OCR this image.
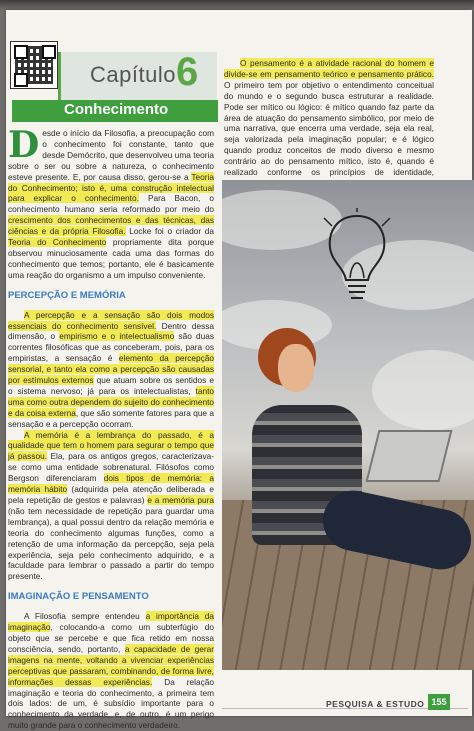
Capítulo 6
Conhecimento

Desde o início da Filosofia, a preocupação com o conhecimento foi constante, tanto que desde Demócrito, que desenvolveu uma teoria sobre o ser ou sobre a natureza, o conhecimento esteve presente. E, por causa disso, gerou-se a Teoria do Conhecimento; isto é, uma construção intelectual para explicar o conhecimento. Para Bacon, o conhecimento humano seria reformado por meio do crescimento dos conhecimentos e das técnicas, das ciências e da própria Filosofia. Locke foi o criador da Teoria do Conhecimento propriamente dita porque observou minuciosamente cada uma das formas do conhecimento que temos; portanto, ele é basicamente uma reação do organismo a um impulso conveniente.

PERCEPÇÃO E MEMÓRIA

A percepção e a sensação são dois modos essenciais do conhecimento sensível. Dentro dessa dimensão, o empirismo e o intelectualismo são duas correntes filosóficas que as conceberam, pois, para os empiristas, a sensação é elemento da percepção sensorial, e tanto ela como a percepção são causadas por estímulos externos que atuam sobre os sentidos e o sistema nervoso; já para os intelectualistas, tanto uma como outra dependem do sujeito do conhecimento e da coisa externa, que são somente fatores para que a sensação e a percepção ocorram.

A memória é a lembrança do passado, é a qualidade que tem o homem para segurar o tempo que já passou. Ela, para os antigos gregos, caracterizava-se como uma entidade sobrenatural. Filósofos como Bergson diferenciaram dois tipos de memória: a memória hábito (adquirida pela atenção deliberada e pela repetição de gestos e palavras) e a memória pura (não tem necessidade de repetição para guardar uma lembrança), a qual possui dentro da relação memória e teoria do conhecimento algumas funções, como a retenção de uma informação da percepção, seja pela experiência, seja pelo conhecimento adquirido, e a faculdade para lembrar o passado a partir do tempo presente.

IMAGINAÇÃO E PENSAMENTO

A Filosofia sempre entendeu a importância da imaginação, colocando-a como um subterfúgio do objeto que se percebe e que fica retido em nossa consciência, sendo, portanto, a capacidade de gerar imagens na mente, voltando a vivenciar experiências perceptivas que passaram, combinando, de forma livre, informações dessas experiências. Da relação imaginação e teoria do conhecimento, a primeira tem dois lados: de um, é subsídio importante para o conhecimento da verdade, e, de outro, é um perigo muito grande para o conhecimento verdadeiro.

O pensamento é a atividade racional do homem e divide-se em pensamento teórico e pensamento prático. O primeiro tem por objetivo o entendimento conceitual do mundo e o segundo busca estruturar a realidade. Pode ser mítico ou lógico: é mítico quando faz parte da área de atuação do pensamento simbólico, por meio de uma narrativa, que encerra uma verdade, seja ela real, seja valorizada pela imaginação popular; e é lógico quando produz conceitos de modo diverso e mesmo contrário ao do pensamento mítico, isto é, quando é realizado conforme os princípios de identidade,

PESQUISA & ESTUDO 155
